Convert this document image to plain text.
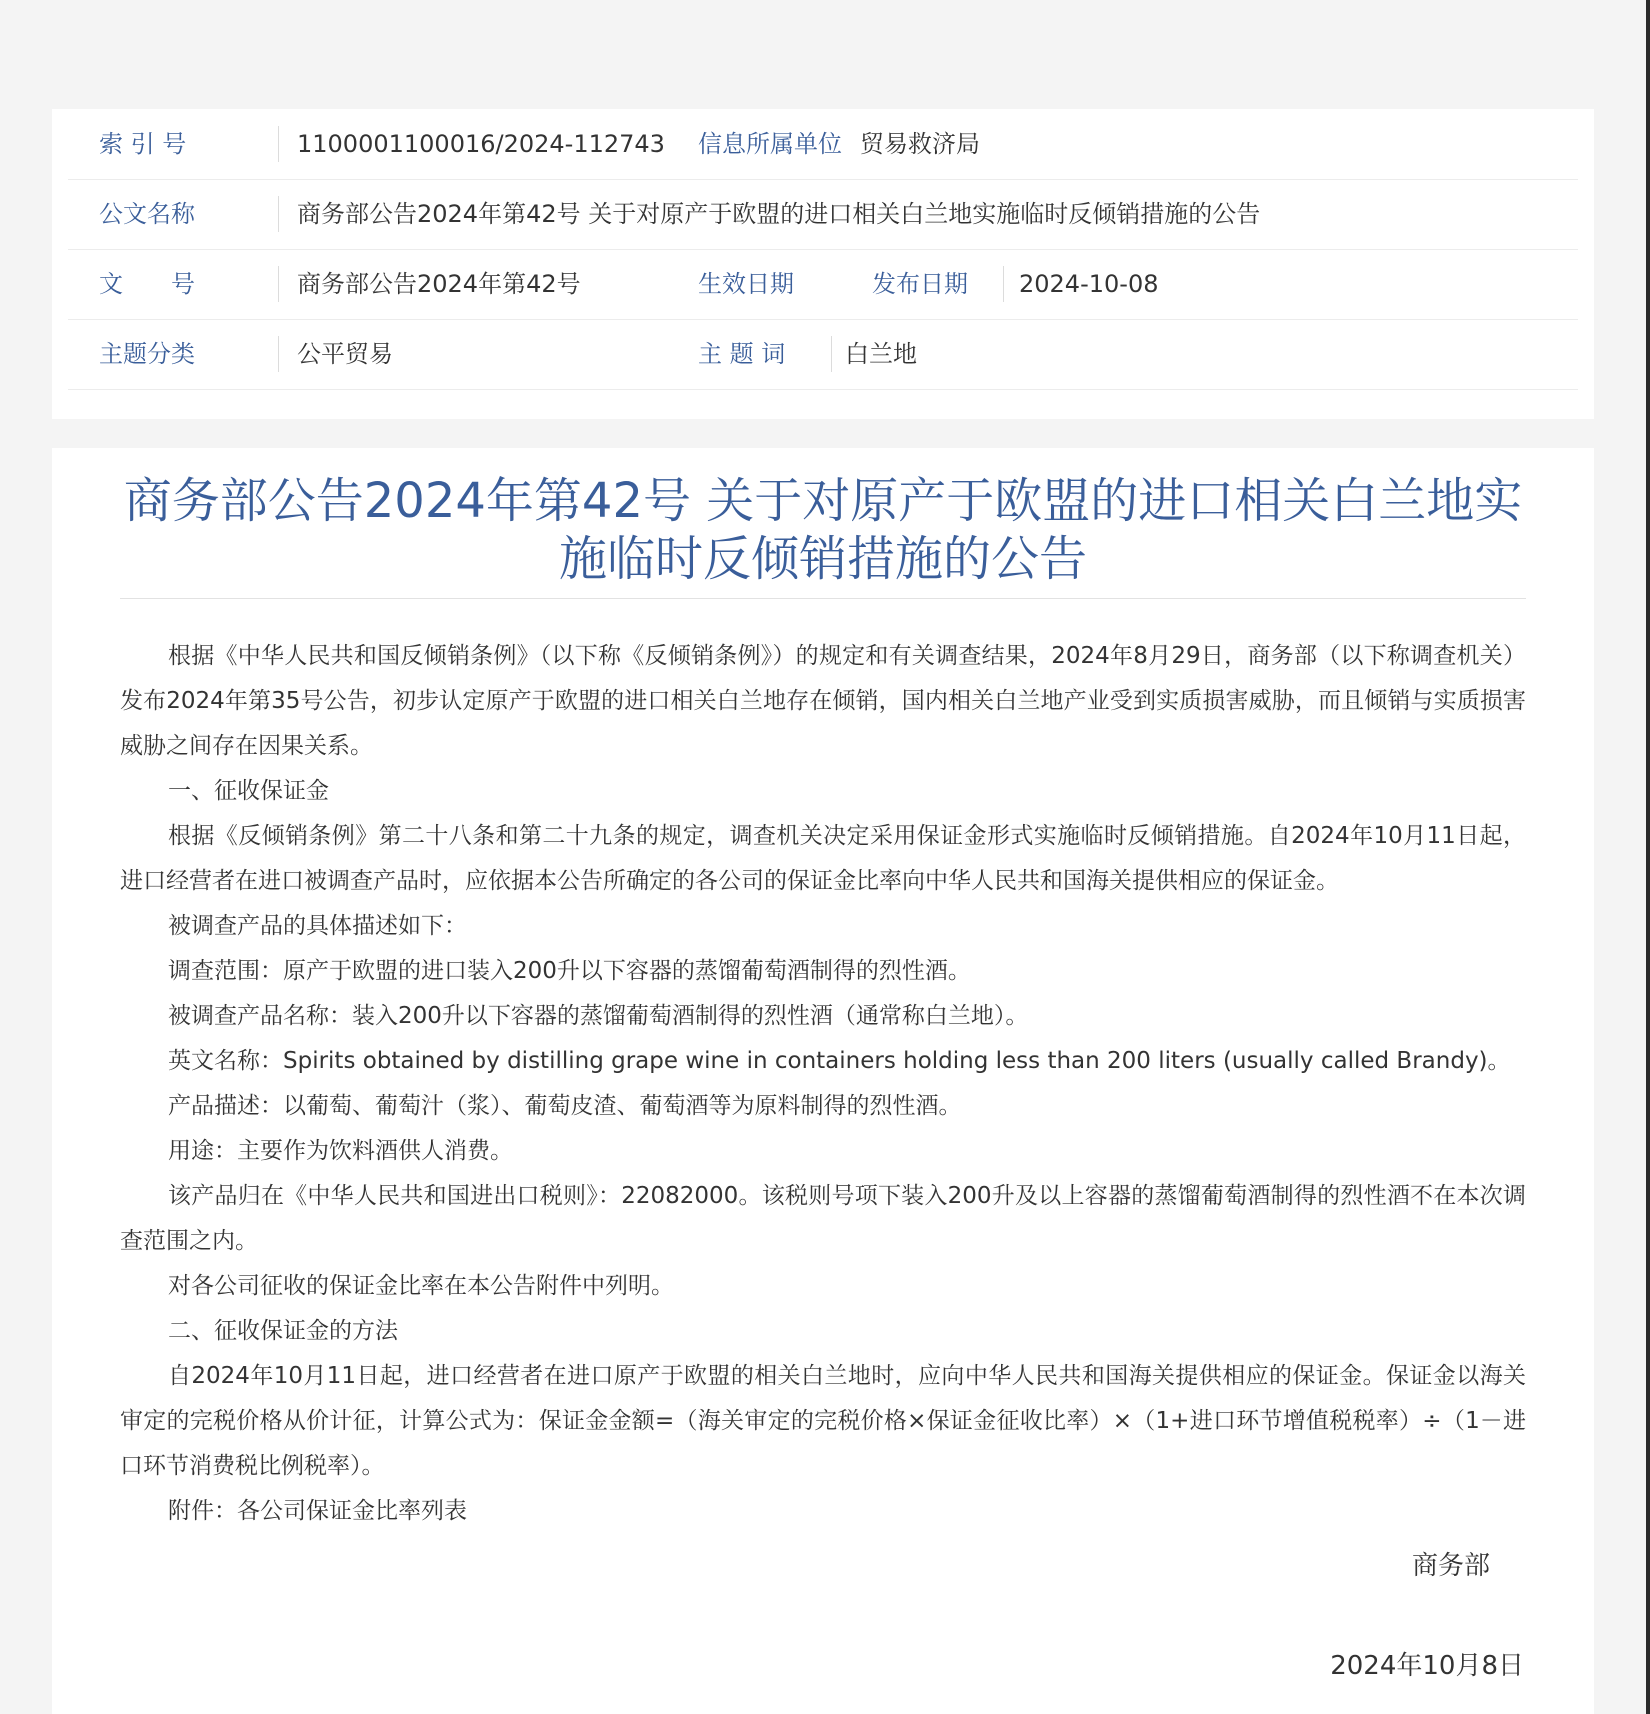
索 引 号	1100001100016/2024-112743 信息所属单位 贸易救济局
公文名称	商务部公告2024年第42号 关于对原产于欧盟的进口相关白兰地实施临时反倾销措施的公告
文　　号	商务部公告2024年第42号	生效日期	发布日期 2024-10-08
主题分类	公平贸易	主 题 词 白兰地
商务部公告2024年第42号 关于对原产于欧盟的进口相关白兰地实施临时反倾销措施的公告

根据《中华人民共和国反倾销条例》（以下称《反倾销条例》）的规定和有关调查结果，2024年8月29日，商务部（以下称调查机关）发布2024年第35号公告，初步认定原产于欧盟的进口相关白兰地存在倾销，国内相关白兰地产业受到实质损害威胁，而且倾销与实质损害威胁之间存在因果关系。

一、征收保证金

根据《反倾销条例》第二十八条和第二十九条的规定，调查机关决定采用保证金形式实施临时反倾销措施。自2024年10月11日起，进口经营者在进口被调查产品时，应依据本公告所确定的各公司的保证金比率向中华人民共和国海关提供相应的保证金。

被调查产品的具体描述如下：

调查范围：原产于欧盟的进口装入200升以下容器的蒸馏葡萄酒制得的烈性酒。

被调查产品名称：装入200升以下容器的蒸馏葡萄酒制得的烈性酒（通常称白兰地）。

英文名称：Spirits obtained by distilling grape wine in containers holding less than 200 liters (usually called Brandy)。

产品描述：以葡萄、葡萄汁（浆）、葡萄皮渣、葡萄酒等为原料制得的烈性酒。

用途：主要作为饮料酒供人消费。

该产品归在《中华人民共和国进出口税则》：22082000。该税则号项下装入200升及以上容器的蒸馏葡萄酒制得的烈性酒不在本次调查范围之内。

对各公司征收的保证金比率在本公告附件中列明。

二、征收保证金的方法

自2024年10月11日起，进口经营者在进口原产于欧盟的相关白兰地时，应向中华人民共和国海关提供相应的保证金。保证金以海关审定的完税价格从价计征，计算公式为：保证金金额=（海关审定的完税价格×保证金征收比率）×（1+进口环节增值税税率）÷（1－进口环节消费税比例税率）。

附件：各公司保证金比率列表

商务部
2024年10月8日
